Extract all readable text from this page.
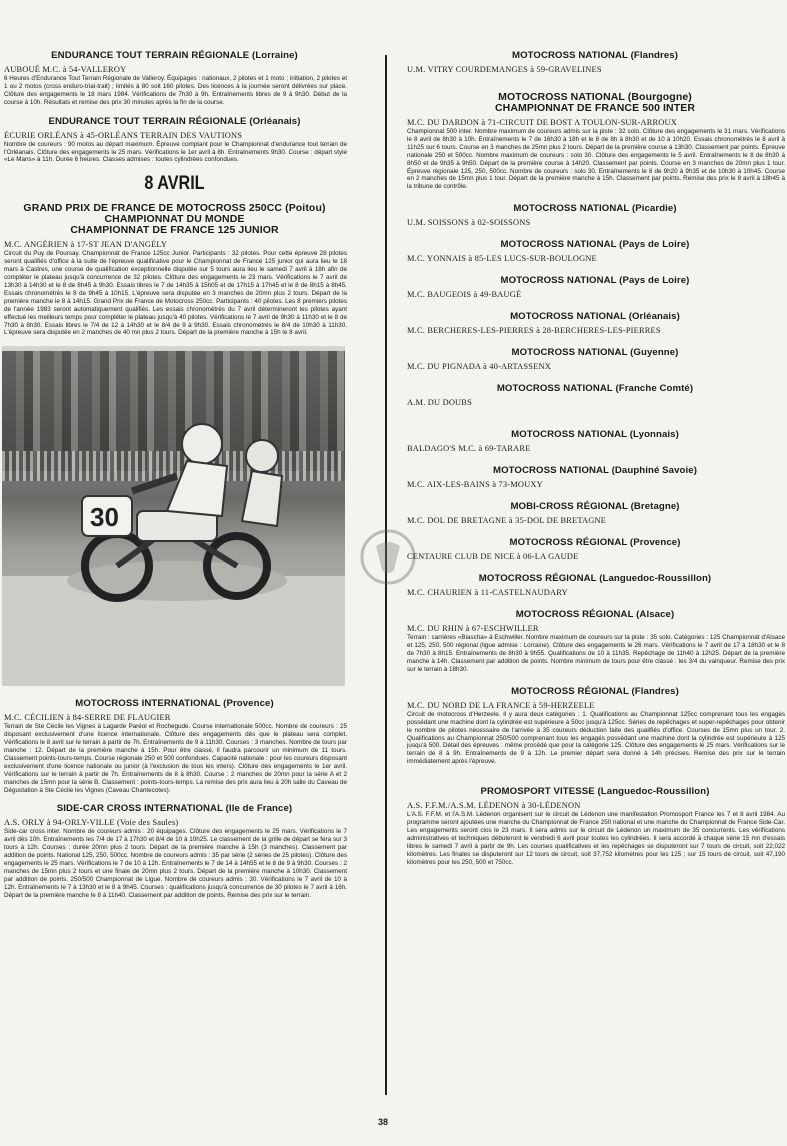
ENDURANCE TOUT TERRAIN RÉGIONALE (Lorraine)

AUBOUÉ M.C. à 54-VALLEROY

6 Heures d'Endurance Tout Terrain Régionale de Valleroy. Équipages : nationaux, 2 pilotes et 1 moto ; initiation, 2 pilotes et 1 ou 2 motos (cross enduro-trial-trait) ; limités à 80 soit 160 pilotes. Des licences à la journée seront délivrées sur place. Clôture des engagements le 18 mars 1984. Vérifications de 7h30 à 9h. Entraînements libres de 9 à 9h30. Début de la course à 10h. Résultats et remise des prix 30 minutes après la fin de la course.

ENDURANCE TOUT TERRAIN RÉGIONALE (Orléanais)

ÉCURIE ORLÉANS à 45-ORLÉANS TERRAIN DES VAUTIONS

Nombre de coureurs : 90 motos au départ maximum. Épreuve comptant pour le Championnat d'endurance tout terrain de l'Orléanais. Clôture des engagements le 25 mars. Vérifications le 1er avril à 8h. Entraînements 9h30. Course : départ style «Le Mans» à 11h. Durée 6 heures. Classes admises : toutes cylindrées confondues.

8 AVRIL
GRAND PRIX DE FRANCE DE MOTOCROSS 250CC (Poitou)
CHAMPIONNAT DU MONDE
CHAMPIONNAT DE FRANCE 125 JUNIOR

M.C. ANGÉRIEN à 17-ST JEAN D'ANGÉLY

Circuit du Puy de Poursay. Championnat de France 125cc Junior. Participants : 32 pilotes. Pour cette épreuve 28 pilotes seront qualifiés d'office à la suite de l'épreuve qualificative pour le Championnat de France 125 junior qui aura lieu le 18 mars à Castres, une course de qualification exceptionnelle disputée sur 5 tours aura lieu le samedi 7 avril à 18h afin de compléter le plateau jusqu'à concurrence de 32 pilotes. Clôture des engagements le 23 mars. Vérifications le 7 avril de 13h30 à 14h30 et le 8 de 8h45 à 9h30. Essais libres le 7 de 14h35 à 15h05 et de 17h15 à 17h45 et le 8 de 8h15 à 8h45. Essais chronométrés le 8 de 9h45 à 10h15. L'épreuve sera disputée en 3 manches de 20mn plus 2 tours. Départ de la première manche le 8 à 14h15. Grand Prix de France de Motocross 250cc. Participants : 40 pilotes. Les 8 premiers pilotes de l'année 1983 seront automatiquement qualifiés. Les essais chronométrés du 7 avril détermineront les pilotes ayant effectué les meilleurs temps pour compléter le plateau jusqu'à 40 pilotes. Vérifications le 7 avril de 9h30 à 11h30 et le 8 de 7h30 à 8h30. Essais libres le 7/4 de 12 à 14h30 et le 8/4 de 9 à 9h30. Essais chronométrés le 8/4 de 10h30 à 11h30. L'épreuve sera disputée en 2 manches de 40 mn plus 2 tours. Départ de la première manche à 15h le 8 avril.

30
MOTOCROSS INTERNATIONAL (Provence)

M.C. CÉCILIEN à 84-SERRE DE FLAUGIER

Terrain de Ste Cécile les Vignes à Lagarde Paréol et Rochegude. Course internationale 500cc. Nombre de coureurs : 25 disposant exclusivement d'une licence internationale. Clôture des engagements dès que le plateau sera complet. Vérifications le 8 avril sur le terrain à partir de 7h. Entraînements de 9 à 11h30. Courses : 3 manches. Nombre de tours par manche : 12. Départ de la première manche à 15h. Pour être classé, il faudra parcourir un minimum de 11 tours. Classement points-tours-temps. Course régionale 250 et 500 confondues. Capacité nationale : pour les coureurs disposant exclusivement d'une licence nationale ou junior (à l'exclusion de tous les inters). Clôture des engagements le 1er avril. Vérifications sur le terrain à partir de 7h. Entraînements de 8 à 8h30. Course : 2 manches de 20mn pour la série A et 2 manches de 15mn pour la série B. Classement : points-tours-temps. La remise des prix aura lieu à 20h salle du Caveau de Dégustation à Ste Cécile les Vignes (Caveau Chantecotes).

SIDE-CAR CROSS INTERNATIONAL (Ile de France)

A.S. ORLY à 94-ORLY-VILLE (Voie des Saules)

Side-car cross inter. Nombre de coureurs admis : 20 équipages. Clôture des engagements le 25 mars. Vérifications le 7 avril dès 10h. Entraînements les 7/4 de 17 à 17h30 et 8/4 de 10 à 10h25. Le classement de la grille de départ se fera sur 3 tours à 12h. Courses : durée 20mn plus 2 tours. Départ de la première manche à 15h (3 manches). Classement par addition de points. National 125, 250, 500cc. Nombre de coureurs admis : 35 par série (2 séries de 25 pilotes). Clôture des engagements le 25 mars. Vérifications le 7 de 10 à 12h. Entraînements le 7 de 14 à 14h55 et le 8 de 9 à 9h30. Courses : 2 manches de 15mn plus 2 tours et une finale de 20mn plus 2 tours. Départ de la première manche à 10h30. Classement par addition de points. 250/500 Championnat de Ligue. Nombre de coureurs admis : 30. Vérifications le 7 avril de 10 à 12h. Entraînements le 7 à 13h30 et le 8 à 9h45. Courses : qualifications jusqu'à concurrence de 30 pilotes le 7 avril à 16h. Départ de la première manche le 8 à 11h40. Classement par addition de points. Remise des prix sur le terrain.

MOTOCROSS NATIONAL (Flandres)

U.M. VITRY COURDEMANGES à 59-GRAVELINES

MOTOCROSS NATIONAL (Bourgogne)
CHAMPIONNAT DE FRANCE 500 INTER

M.C. DU DARDON à 71-CIRCUIT DE BOST A TOULON-SUR-ARROUX

Championnat 500 inter. Nombre maximum de coureurs admis sur la piste : 32 solo. Clôture des engagements le 31 mars. Vérifications le 8 avril de 8h30 à 10h. Entraînements le 7 de 16h30 à 18h et le 8 de 8h à 8h30 et de 10 à 10h20. Essais chronométrés le 8 avril à 11h25 sur 6 tours. Course en 3 manches de 25mn plus 2 tours. Départ de la première course à 13h30. Classement par points. Épreuve nationale 250 et 500cc. Nombre maximum de coureurs : solo 30. Clôture des engagements le 5 avril. Entraînements le 8 de 8h30 à 8h50 et de 9h35 à 9h50. Départ de la première course à 14h20. Classement par points. Course en 3 manches de 20mn plus 1 tour. Épreuve régionale 125, 250, 500cc. Nombre de coureurs : solo 30. Entraînements le 8 de 9h20 à 9h35 et de 10h30 à 10h45. Course en 2 manches de 15mn plus 1 tour. Départ de la première manche à 15h. Classement par points. Remise des prix le 8 avril à 18h45 à la tribune de contrôle.

MOTOCROSS NATIONAL (Picardie)

U.M. SOISSONS à 02-SOISSONS

MOTOCROSS NATIONAL (Pays de Loire)

M.C. YONNAIS à 85-LES LUCS-SUR-BOULOGNE

MOTOCROSS NATIONAL (Pays de Loire)

M.C. BAUGEOIS à 49-BAUGÉ

MOTOCROSS NATIONAL (Orléanais)

M.C. BERCHERES-LES-PIERRES à 28-BERCHERES-LES-PIERRES

MOTOCROSS NATIONAL (Guyenne)

M.C. DU PIGNADA à 40-ARTASSENX

MOTOCROSS NATIONAL (Franche Comté)

A.M. DU DOUBS

MOTOCROSS NATIONAL (Lyonnais)

BALDAGO'S M.C. à 69-TARARE

MOTOCROSS NATIONAL (Dauphiné Savoie)

M.C. AIX-LES-BAINS à 73-MOUXY

MOBI-CROSS RÉGIONAL (Bretagne)

M.C. DOL DE BRETAGNE à 35-DOL DE BRETAGNE

MOTOCROSS RÉGIONAL (Provence)

CENTAURE CLUB DE NICE à 06-LA GAUDE

MOTOCROSS RÉGIONAL (Languedoc-Roussillon)

M.C. CHAURIEN à 11-CASTELNAUDARY

MOTOCROSS RÉGIONAL (Alsace)

M.C. DU RHIN à 67-ESCHWILLER

Terrain : carrières «Biascha» à Eschwiller. Nombre maximum de coureurs sur la piste : 35 solo. Catégories : 125 Championnat d'Alsace et 125, 250, 500 régional (ligue admise : Lorraine). Clôture des engagements le 26 mars. Vérifications le 7 avril de 17 à 18h30 et le 8 de 7h30 à 8h15. Entraînements de 8h30 à 9h55. Qualifications de 10 à 11h35. Repêchage de 11h40 à 12h25. Départ de la première manche à 14h. Classement par addition de points. Nombre minimum de tours pour être classé : les 3/4 du vainqueur. Remise des prix sur le terrain à 18h30.

MOTOCROSS RÉGIONAL (Flandres)

M.C. DU NORD DE LA FRANCE à 59-HERZEELE

Circuit de motocross d'Herzeele. Il y aura deux catégories : 1. Qualifications au Championnat 125cc comprenant tous les engagés possédant une machine dont la cylindrée est supérieure à 50cc jusqu'à 125cc. Séries de repêchages et super-repêchages pour obtenir le nombre de pilotes nécessaire de l'arrivée à 35 coureurs déduction faite des qualifiés d'office. Courses de 15mn plus un tour. 2. Qualifications au Championnat 250/500 comprenant tous les engagés possédant une machine dont la cylindrée est supérieure à 125 jusqu'à 500. Détail des épreuves : même procédé que pour la catégorie 125. Clôture des engagements le 25 mars. Vérifications sur le terrain de 8 à 9h. Entraînements de 9 à 12h. Le premier départ sera donné à 14h précises. Remise des prix sur le terrain immédiatement après l'épreuve.

PROMOSPORT VITESSE (Languedoc-Roussillon)

A.S. F.F.M./A.S.M. LÉDENON à 30-LÉDENON

L'A.S. F.F.M. et l'A.S.M. Lédenon organisent sur le circuit de Lédenon une manifestation Promosport France les 7 et 8 avril 1984. Au programme seront ajoutées une manche du Championnat de France 250 national et une manche du Championnat de France Side-Car. Les engagements seront clos le 23 mars. Il sera admis sur le circuit de Lédenon un maximum de 35 concurrents. Les vérifications administratives et techniques débuteront le vendredi 6 avril pour toutes les cylindrées. Il sera accordé à chaque série 15 mn d'essais libres le samedi 7 avril à partir de 9h. Les courses qualificatives et les repêchages se disputeront sur 7 tours de circuit, soit 22,022 kilomètres. Les finales se disputeront sur 12 tours de circuit, soit 37,752 kilomètres pour les 125 ; sur 15 tours de circuit, soit 47,190 kilomètres pour les 250, 500 et 750cc.

38
